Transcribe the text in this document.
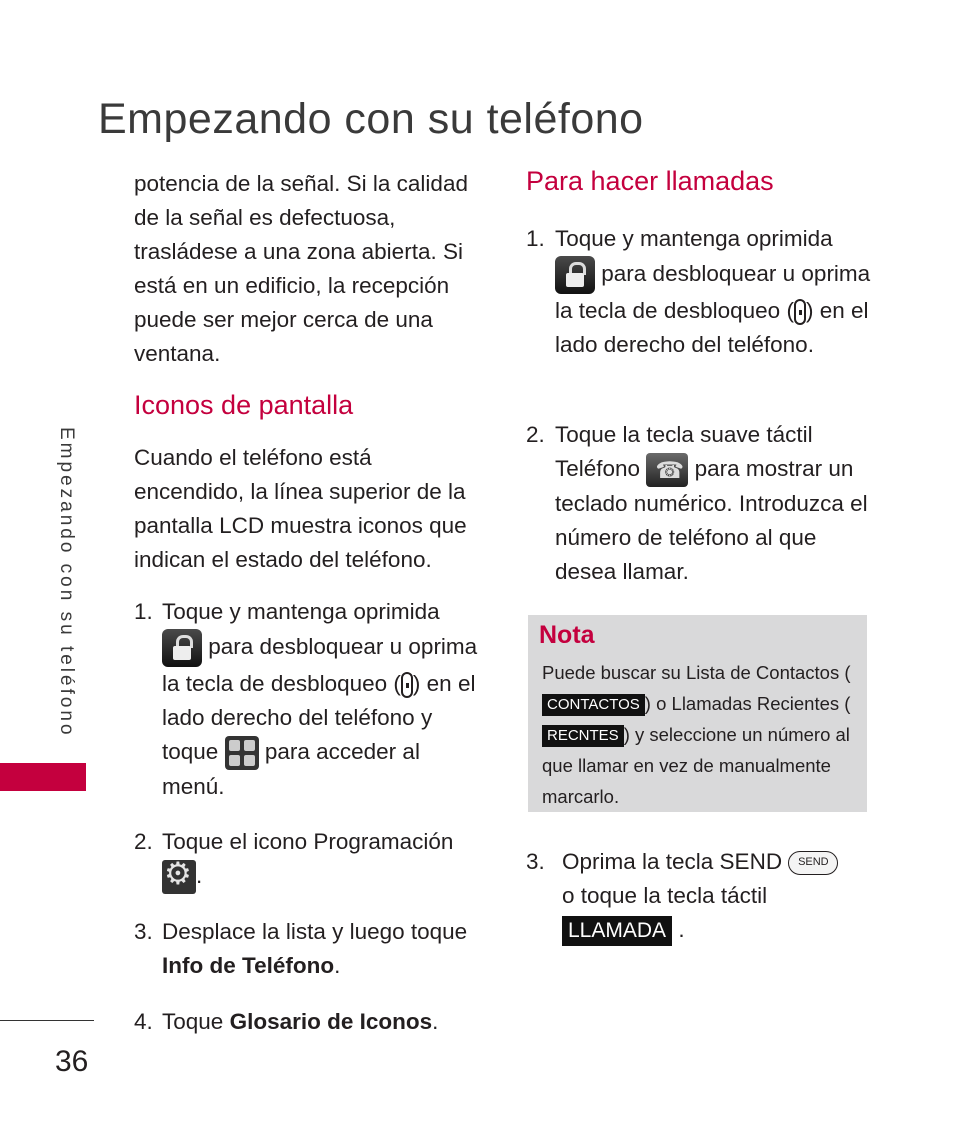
Empezando con su teléfono
Empezando con su teléfono
36

potencia de la señal. Si la calidad de la señal es defectuosa, trasládese a una zona abierta. Si está en un edificio, la recepción puede ser mejor cerca de una ventana.

Iconos de pantalla

Cuando el teléfono está encendido, la línea superior de la pantalla LCD muestra iconos que indican el estado del teléfono.

1. Toque y mantenga oprimida
para desbloquear u oprima la tecla de desbloqueo ( ) en el lado derecho del teléfono y toque para acceder al menú.

2. Toque el icono Programación
⚙.

3. Desplace la lista y luego toque
Info de Teléfono.

4. Toque Glosario de Iconos.

Para hacer llamadas
1. Toque y mantenga oprimida
para desbloquear u oprima la tecla de desbloqueo ( ) en el lado derecho del teléfono.

2. Toque la tecla suave táctil Teléfono ☎ para mostrar un teclado numérico. Introduzca el número de teléfono al que desea llamar.

Nota

Puede buscar su Lista de Contactos (CONTACTOS ) o Llamadas Recientes (RECNTES ) y seleccione un número al que llamar en vez de manualmente marcarlo.

3. Oprima la tecla SEND SEND
o toque la tecla táctil
LLAMADA .
